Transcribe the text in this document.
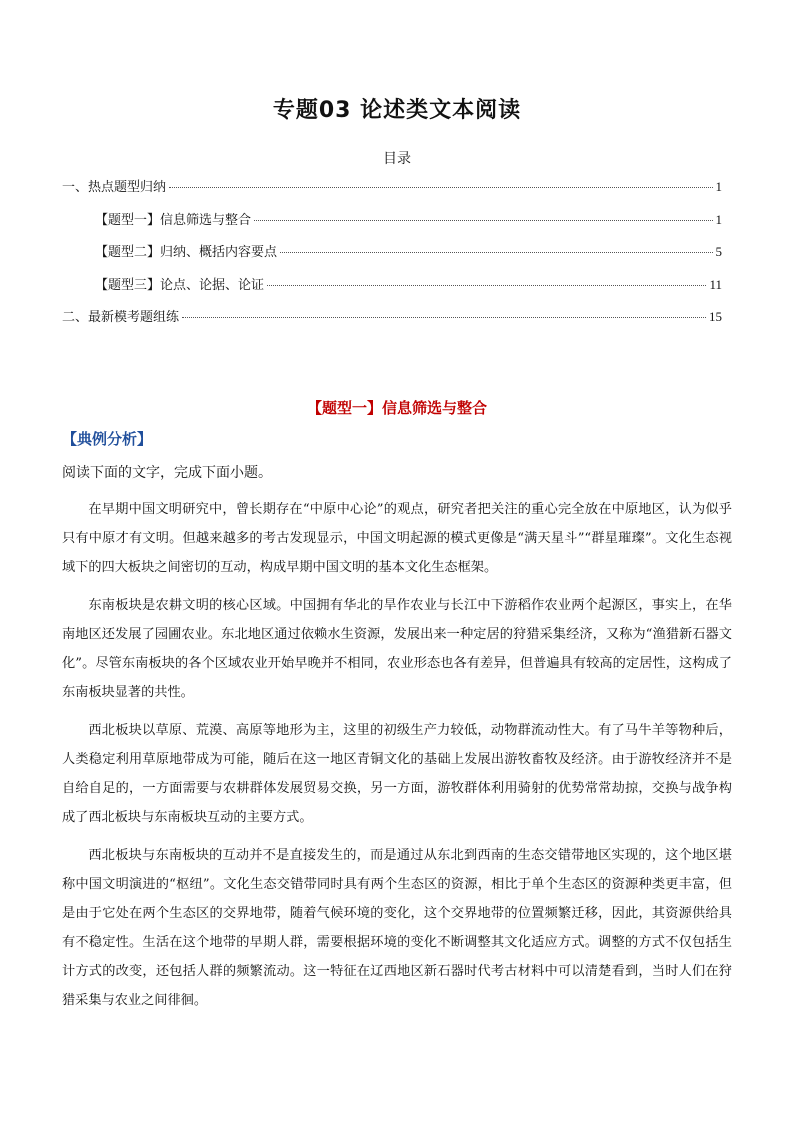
专题03 论述类文本阅读
目录
一、热点题型归纳	1
【题型一】信息筛选与整合	1
【题型二】归纳、概括内容要点	5
【题型三】论点、论据、论证	11
二、最新模考题组练	15
【题型一】信息筛选与整合
【典例分析】
阅读下面的文字，完成下面小题。

在早期中国文明研究中，曾长期存在“中原中心论”的观点，研究者把关注的重心完全放在中原地区，认为似乎只有中原才有文明。但越来越多的考古发现显示，中国文明起源的模式更像是“满天星斗”“群星璀璨”。文化生态视域下的四大板块之间密切的互动，构成早期中国文明的基本文化生态框架。

东南板块是农耕文明的核心区域。中国拥有华北的旱作农业与长江中下游稻作农业两个起源区，事实上，在华南地区还发展了园圃农业。东北地区通过依赖水生资源，发展出来一种定居的狩猎采集经济，又称为“渔猎新石器文化”。尽管东南板块的各个区域农业开始早晚并不相同，农业形态也各有差异，但普遍具有较高的定居性，这构成了东南板块显著的共性。

西北板块以草原、荒漠、高原等地形为主，这里的初级生产力较低，动物群流动性大。有了马牛羊等物种后，人类稳定利用草原地带成为可能，随后在这一地区青铜文化的基础上发展出游牧畜牧及经济。由于游牧经济并不是自给自足的，一方面需要与农耕群体发展贸易交换，另一方面，游牧群体利用骑射的优势常常劫掠，交换与战争构成了西北板块与东南板块互动的主要方式。

西北板块与东南板块的互动并不是直接发生的，而是通过从东北到西南的生态交错带地区实现的，这个地区堪称中国文明演进的“枢纽”。文化生态交错带同时具有两个生态区的资源，相比于单个生态区的资源种类更丰富，但是由于它处在两个生态区的交界地带，随着气候环境的变化，这个交界地带的位置频繁迁移，因此，其资源供给具有不稳定性。生活在这个地带的早期人群，需要根据环境的变化不断调整其文化适应方式。调整的方式不仅包括生计方式的改变，还包括人群的频繁流动。这一特征在辽西地区新石器时代考古材料中可以清楚看到，当时人们在狩猎采集与农业之间徘徊。
